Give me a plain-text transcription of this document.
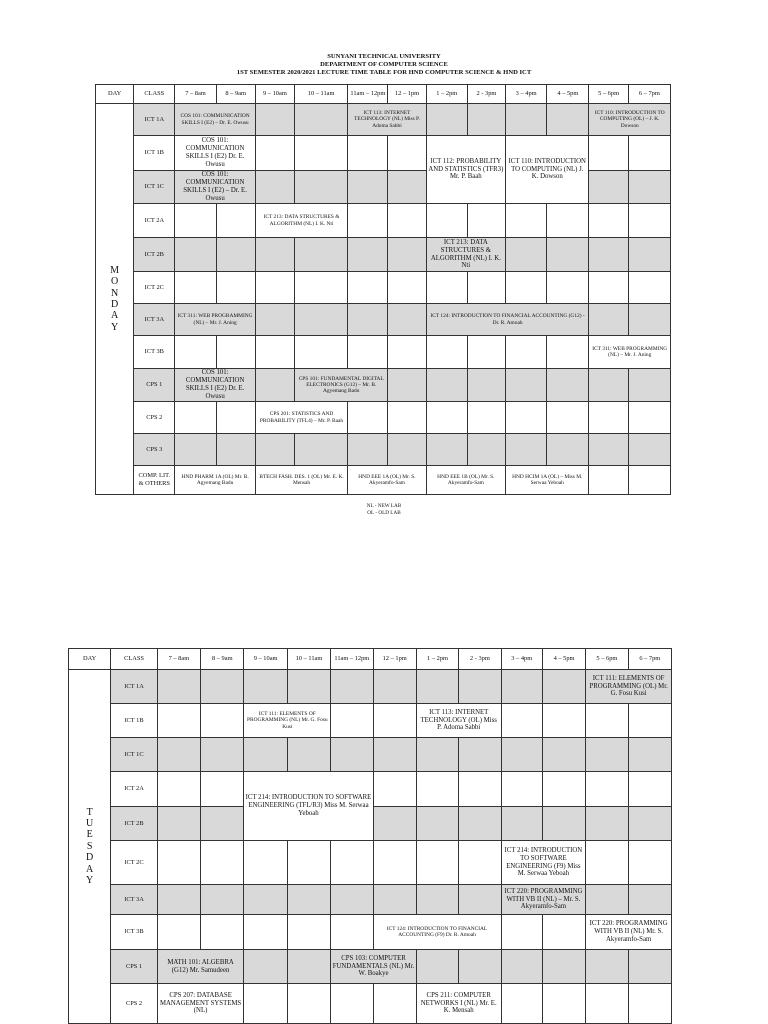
SUNYANI TECHNICAL UNIVERSITY
DEPARTMENT OF COMPUTER SCIENCE
1ST SEMESTER 2020/2021 LECTURE TIME TABLE FOR HND COMPUTER SCIENCE & HND ICT
DAY	CLASS	7 – 8am	8 – 9am	9 – 10am	10 – 11am	11am – 12pm	12 – 1pm	1 – 2pm	2 - 3pm	3 – 4pm	4 – 5pm	5 – 6pm	6 – 7pm
M O N D A Y	ICT 1A	COS 101: COMMUNICATION SKILLS I (E2) – Dr. E. Owusu				ICT 113: INTERNET TECHNOLOGY (NL) Miss P. Adoma Sabbi						ICT 110: INTRODUCTION TO COMPUTING (OL) – J. K. Dowson	
	ICT 1B	COS 101: COMMUNICATION SKILLS I (E2) Dr. E. Owusu						ICT 112: PROBABILITY AND STATISTICS (TFR3) Mr. P. Baah		ICT 110: INTRODUCTION TO COMPUTING (NL) J. K. Dowson			
	ICT 1C	COS 101: COMMUNICATION SKILLS I (E2) – Dr. E. Owusu											
	ICT 2A			ICT 213: DATA STRUCTURES & ALGORITHM (NL) I. K. Nti									
	ICT 2B							ICT 213: DATA STRUCTURES & ALGORITHM (NL) I. K. Nti					
	ICT 2C												
	ICT 3A	ICT 311: WEB PROGRAMMING (NL) – Mr. J. Aning						ICT 124: INTRODUCTION TO FINANCIAL ACCOUNTING (G12) - Dr. R. Amoah					
	ICT 3B											ICT 311: WEB PROGRAMMING (NL) – Mr. J. Aning	
	CPS 1	COS 101: COMMUNICATION SKILLS I (E2) Dr. E. Owusu			CPS 101: FUNDAMENTAL DIGITAL ELECTRONICS (G12) – Mr. B. Agyemang Badu								
	CPS 2			CPS 201: STATISTICS AND PROBABILITY (TFL4) – Mr. P. Baah									
	CPS 3												
	COMP. LIT. & OTHERS	HND PHARM 1A (OL) Mr. B. Agyemang Badu		BTECH FASH. DES. 1 (OL) Mr. E. K. Mensah		HND EEE 1A (OL) Mr. S. Akyeramfo-Sam		HND EEE 1B (OL) Mr. S. Akyeramfo-Sam		HND HCIM 1A (OL) – Miss M. Serwaa Yeboah			
NL - NEW LAB
OL - OLD LAB
DAY	CLASS	7 – 8am	8 – 9am	9 – 10am	10 – 11am	11am – 12pm	12 – 1pm	1 – 2pm	2 - 3pm	3 – 4pm	4 – 5pm	5 – 6pm	6 – 7pm
T U E S D A Y	ICT 1A											ICT 111: ELEMENTS OF PROGRAMMING (OL) Mr. G. Fosu Kusi	
	ICT 1B			ICT 111: ELEMENTS OF PROGRAMMING (NL) Mr. G. Fosu Kusi				ICT 113: INTERNET TECHNOLOGY (OL) Miss P. Adoma Sabbi					
	ICT 1C												
	ICT 2A			ICT 214: INTRODUCTION TO SOFTWARE ENGINEERING (TFL/R3) Miss M. Serwaa Yeboah									
	ICT 2B												
	ICT 2C									ICT 214: INTRODUCTION TO SOFTWARE ENGINEERING (F9) Miss M. Serwaa Yeboah			
	ICT 3A									ICT 220: PROGRAMMING WITH VB II (NL) – Mr. S. Akyeramfo-Sam			
	ICT 3B						ICT 124: INTRODUCTION TO FINANCIAL ACCOUNTING (F9) Dr. R. Amoah					ICT 220: PROGRAMMING WITH VB II (NL) Mr. S. Akyeramfo-Sam	
	CPS 1	MATH 101: ALGEBRA (G12) Mr. Samudeen				CPS 103: COMPUTER FUNDAMENTALS (NL) Mr. W. Boakye							
	CPS 2	CPS 207: DATABASE MANAGEMENT SYSTEMS (NL)						CPS 211: COMPUTER NETWORKS I (NL) Mr. E. K. Mensah					
